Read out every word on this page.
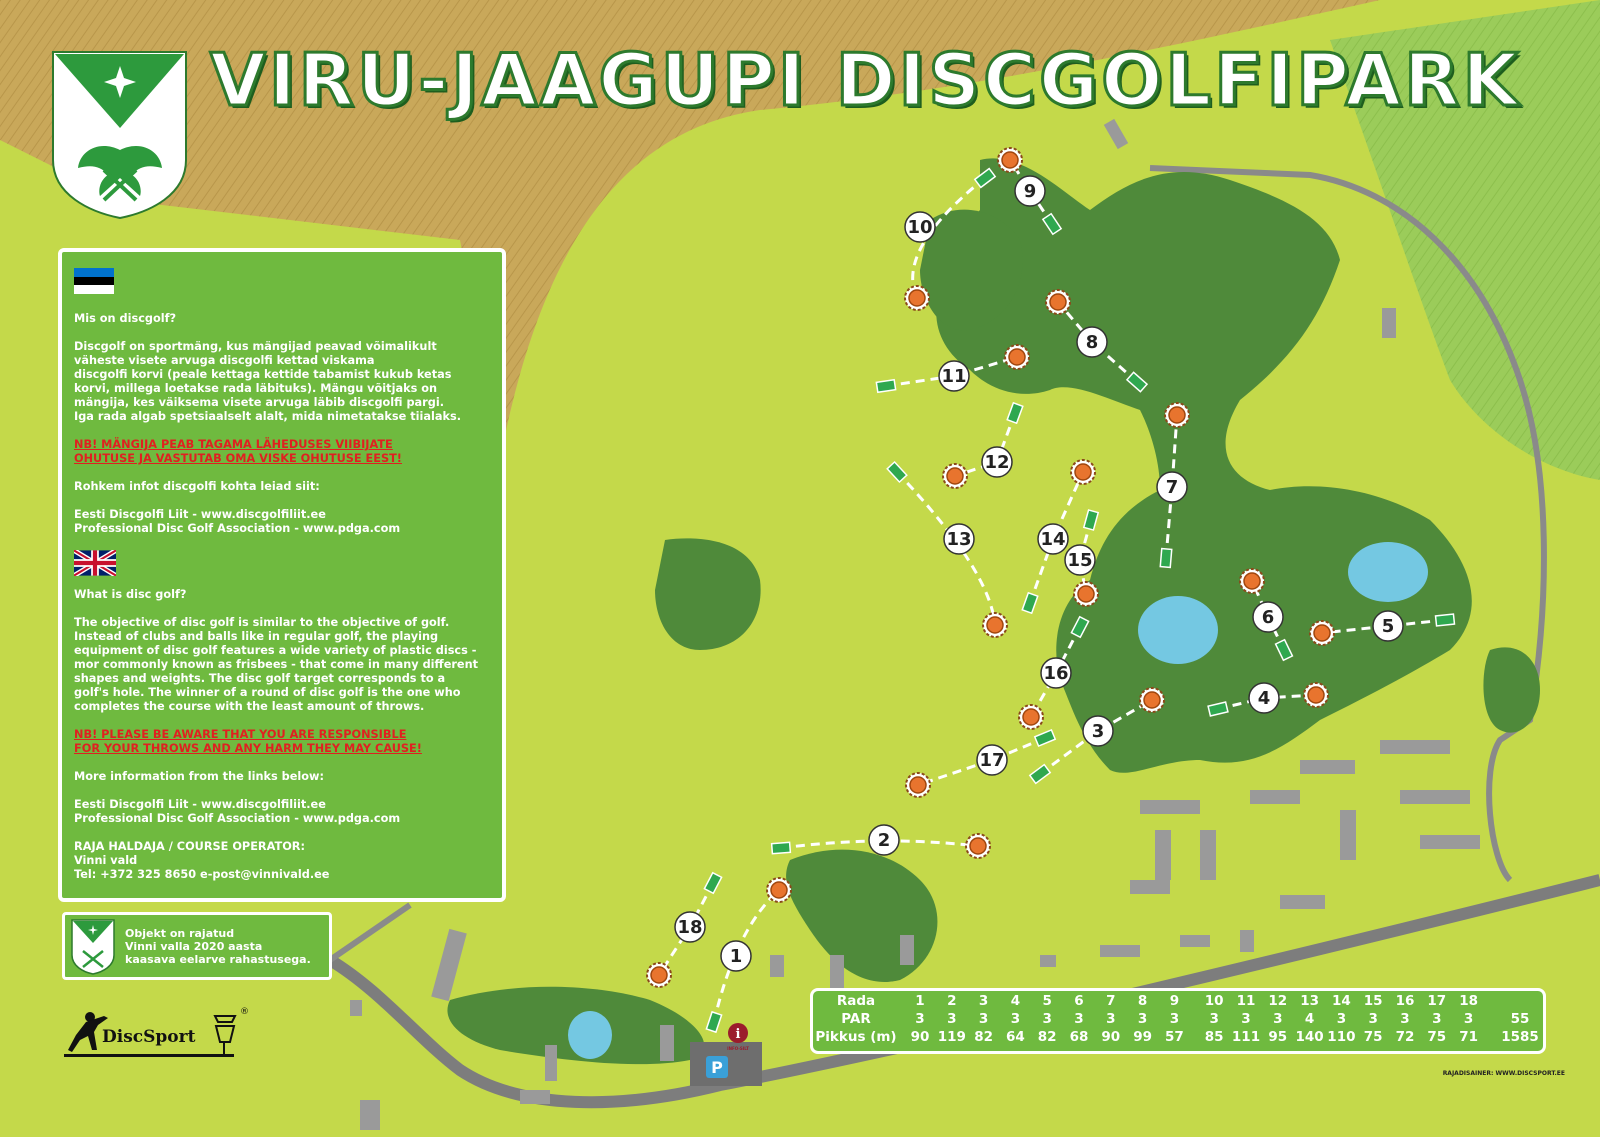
P
i
INFO-SILT
1
2
3
4
5
6
7
8
9
10
11
12
13	14
15
16
17
18
®
VIRU-JAAGUPI DISCGOLFIPARK

Mis on discgolf?

Discgolf on sportmäng, kus mängijad peavad võimalikult
väheste visete arvuga discgolfi kettad viskama
discgolfi korvi (peale kettaga kettide tabamist kukub ketas
korvi, millega loetakse rada läbituks). Mängu võitjaks on
mängija, kes väiksema visete arvuga läbib discgolfi pargi.
Iga rada algab spetsiaalselt alalt, mida nimetatakse tiialaks.

NB! MÄNGIJA PEAB TAGAMA LÄHEDUSES VIIBIJATE
OHUTUSE JA VASTUTAB OMA VISKE OHUTUSE EEST!

Rohkem infot discgolfi kohta leiad siit:

Eesti Discgolfi Liit - www.discgolfiliit.ee
Professional Disc Golf Association - www.pdga.com

What is disc golf?

The objective of disc golf is similar to the objective of golf.
Instead of clubs and balls like in regular golf, the playing
equipment of disc golf features a wide variety of plastic discs -
mor commonly known as frisbees - that come in many different
shapes and weights. The disc golf target corresponds to a
golf's hole. The winner of a round of disc golf is the one who
completes the course with the least amount of throws.

NB! PLEASE BE AWARE THAT YOU ARE RESPONSIBLE
FOR YOUR THROWS AND ANY HARM THEY MAY CAUSE!

More information from the links below:

Eesti Discgolfi Liit - www.discgolfiliit.ee
Professional Disc Golf Association - www.pdga.com

RAJA HALDAJA / COURSE OPERATOR:
Vinni vald
Tel: +372 325 8650 e-post@vinnivald.ee

Objekt on rajatud
Vinni valla 2020 aasta
kaasava eelarve rahastusega.
DiscSport
Rada	1	2	3	4	5	6	7	8	9	10 11 12 13 14 15 16 17 18
PAR	3	3	3	3	3	3	3	3	3	3	3	3	4	3	3	3	3	3	55
Pikkus (m)	90 119 82 64 82 68 90 99 57	85 111 95 140 110 75 72 75 71	1585
RAJADISAINER: WWW.DISCSPORT.EE
